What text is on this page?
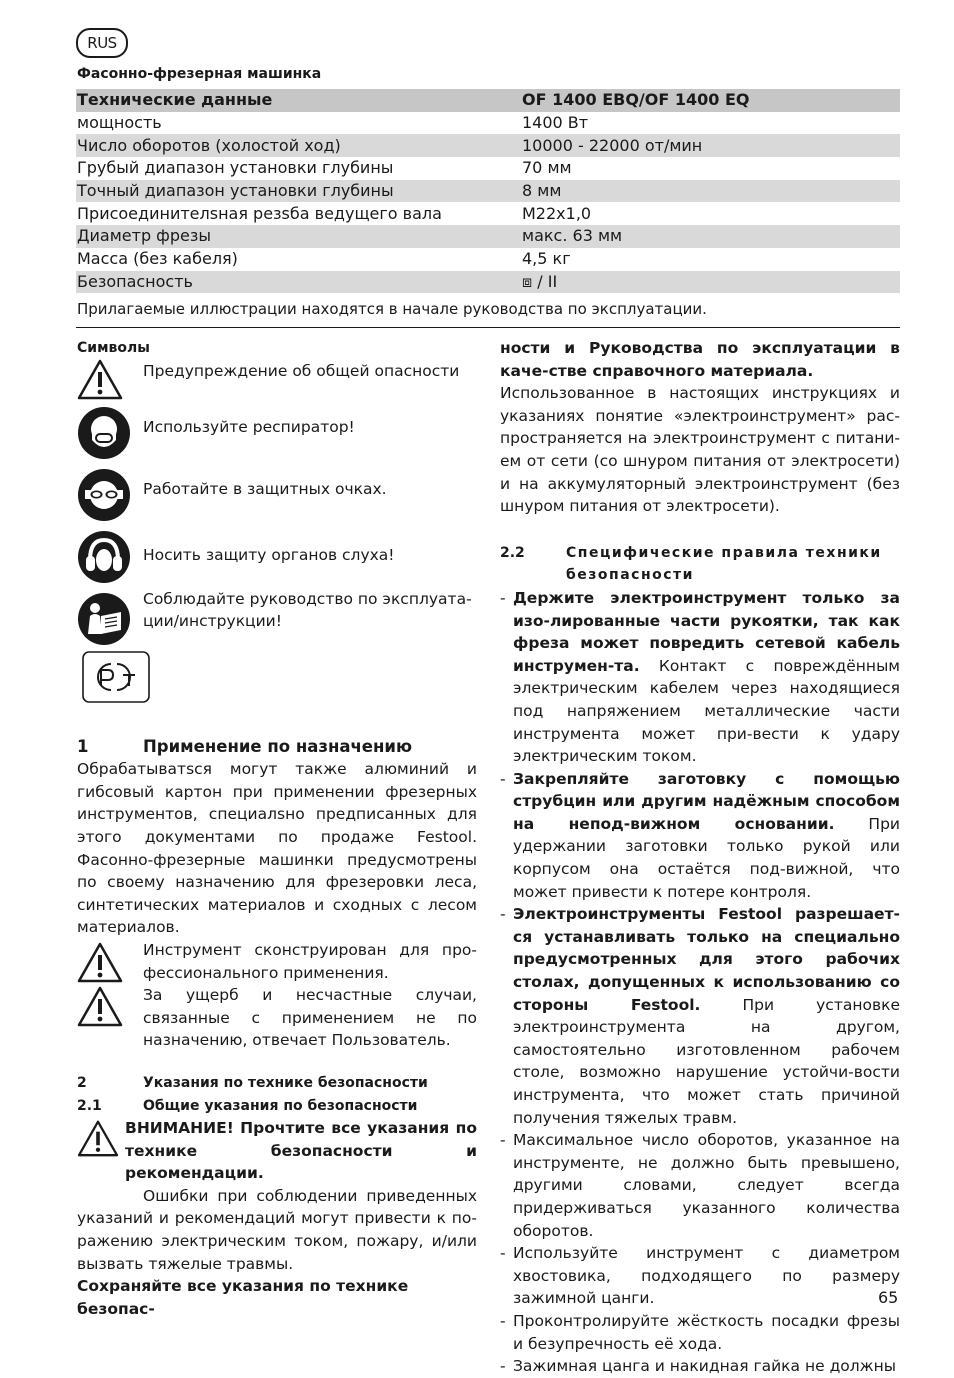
RUS
Фасонно-фрезерная машинка
Технические данные	OF 1400 EBQ/OF 1400 EQ
мощность	1400 Вт
Число оборотов (холостой ход)	10000 - 22000 от/мин
Грубый диапазон установки глубины	70 мм
Точный диапазон установки глубины	8 мм
Присоединителsная резsба ведущего вала	M22x1,0
Диаметр фрезы	макс. 63 мм
Масса (без кабеля)	4,5 кг
Безопасность	⧈ / II
Прилагаемые иллюстрации находятся в начале руководства по эксплуатации.
Символы
Предупреждение об общей опасности
Используйте респиратор!
Работайте в защитных очках.
Носить защиту органов слуха!
Соблюдайте руководство по эксплуата-ции/инструкции!
1	Применение по назначению
Обрабатыватsся могут также алюминий и гибсовый картон при применении фрезерных инструментов, специалsно предписанных для этого документами по продаже Festool. Фасонно-фрезерные машинки предусмотрены по своему назначению для фрезеровки леса, синтетических материалов и сходных с лесом материалов.
Инструмент сконструирован для про-фессионального применения.
За ущерб и несчастные случаи, связанные с применением не по назначению, отвечает Пользователь.
2	Указания по технике безопасности
2.1	Общие указания по безопасности
ВНИМАНИЕ! Прочтите все указания по технике безопасности и рекомендации.
Ошибки при соблюдении приведенных указаний и рекомендаций могут привести к по-ражению электрическим током, пожару, и/или вызвать тяжелые травмы.
Сохраняйте все указания по технике безопас-
ности и Руководства по эксплуатации в каче-стве справочного материала.
Использованное в настоящих инструкциях и указаниях понятие «электроинструмент» рас-пространяется на электроинструмент с питани-ем от сети (со шнуром питания от электросети) и на аккумуляторный электроинструмент (без шнуром питания от электросети).
2.2	Специфические правила техники безопасности
- Держите электроинструмент только за изо-лированные части рукоятки, так как фреза может повредить сетевой кабель инструмен-та. Контакт с повреждённым электрическим кабелем через находящиеся под напряжением металлические части инструмента может при-вести к удару электрическим током.
- Закрепляйте заготовку с помощью струбцин или другим надёжным способом на непод-вижном основании. При удержании заготовки только рукой или корпусом она остаётся под-вижной, что может привести к потере контроля.
- Электроинструменты Festool разрешает-ся устанавливать только на специально предусмотренных для этого рабочих столах, допущенных к использованию со стороны Festool. При установке электроинструмента на другом, самостоятельно изготовленном рабочем столе, возможно нарушение устойчи-вости инструмента, что может стать причиной получения тяжелых травм.
- Максимальное число оборотов, указанное на инструменте, не должно быть превышено, другими словами, следует всегда придерживаться указанного количества оборотов.
- Используйте инструмент с диаметром хвостовика, подходящего по размеру зажимной цанги.
- Проконтролируйте жёсткость посадки фрезы и безупречность её хода.
- Зажимная цанга и накидная гайка не должны
65
